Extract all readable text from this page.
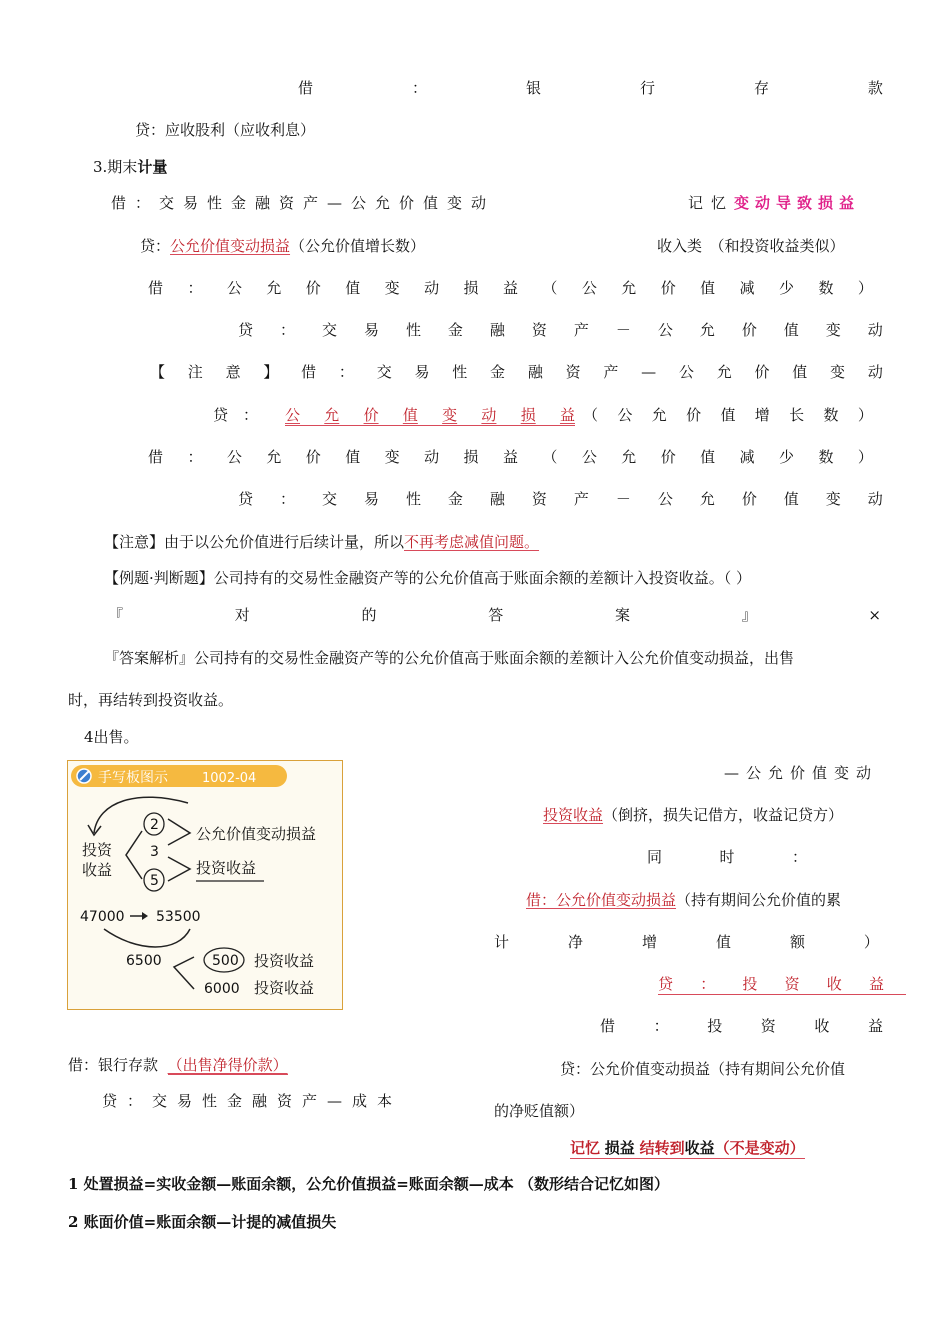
借	：	银	行	存	款
贷：应收股利（应收利息）
3.期末计量
借：交易性金融资产—公允价值变动	记忆变动导致损益
贷：公允价值变动损益（公允价值增长数）	收入类　（和投资收益类似）
借 ： 公 允 价 值 变 动 损 益 （ 公 允 价 值 减 少 数 ）
贷 ： 交 易 性 金 融 资 产 － 公 允 价 值 变 动
【 注 意 】 借 ： 交 易 性 金 融 资 产 — 公 允 价 值 变 动
贷 ： 公 允 价 值 变 动 损 益 （ 公 允 价 值 增 长 数 ）
借 ： 公 允 价 值 变 动 损 益 （ 公 允 价 值 减 少 数 ）
贷 ： 交 易 性 金 融 资 产 － 公 允 价 值 变 动
【注意】由于以公允价值进行后续计量，所以不再考虑减值问题。
【例题·判断题】公司持有的交易性金融资产等的公允价值高于账面余额的差额计入投资收益。（ ）
『	对	的	答	案	』	×
『答案解析』公司持有的交易性金融资产等的公允价值高于账面余额的差额计入公允价值变动损益，出售
时，再结转到投资收益。
4出售。
手写板图示	1002-04
投资
收益
2
3
5
公允价值变动损益
投资收益
47000 53500
6500	500 投资收益
6000 投资收益
—公允价值变动
投资收益（倒挤，损失记借方，收益记贷方）
同	时	：
借：公允价值变动损益（持有期间公允价值的累
计	净	增	值	额	）
贷 ： 投 资 收 益
借	：	投	资	收	益
贷：公允价值变动损益（持有期间公允价值
的净贬值额）
记忆 损益 结转到收益（不是变动）
借：银行存款 （出售净得价款）
贷：交易性金融资产—成本
1 处置损益=实收金额—账面余额，公允价值损益=账面余额—成本 （数形结合记忆如图）
2 账面价值=账面余额—计提的减值损失
